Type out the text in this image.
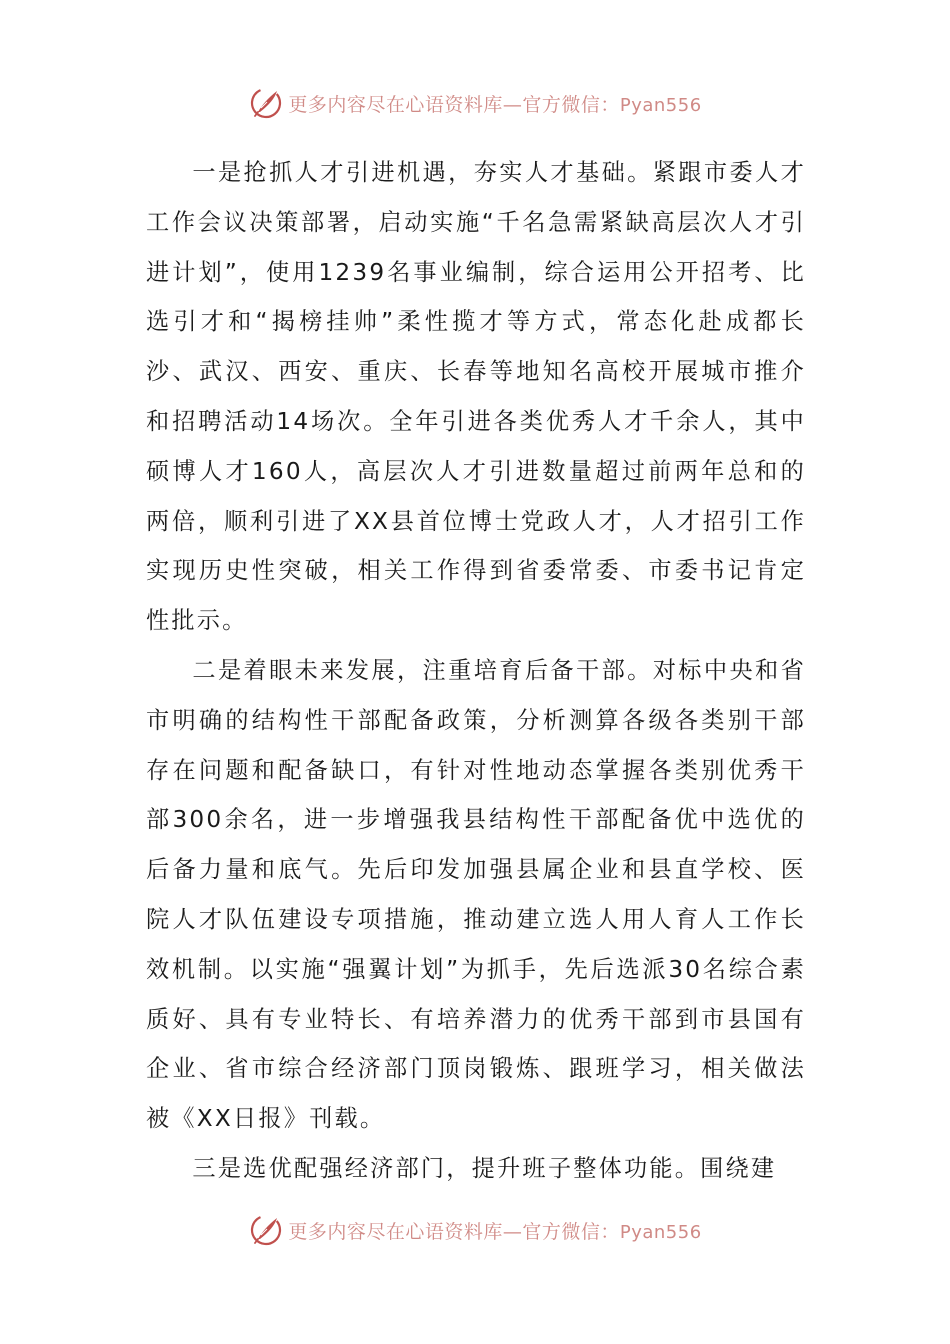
更多内容尽在心语资料库—官方微信：Pyan556

一是抢抓人才引进机遇，夯实人才基础。紧跟市委人才工作会议决策部署，启动实施“千名急需紧缺高层次人才引进计划”，使用1239名事业编制，综合运用公开招考、比选引才和“揭榜挂帅”柔性揽才等方式，常态化赴成都长沙、武汉、西安、重庆、长春等地知名高校开展城市推介和招聘活动14场次。全年引进各类优秀人才千余人，其中硕博人才160人，高层次人才引进数量超过前两年总和的两倍，顺利引进了XX县首位博士党政人才，人才招引工作实现历史性突破，相关工作得到省委常委、市委书记肯定性批示。

二是着眼未来发展，注重培育后备干部。对标中央和省市明确的结构性干部配备政策，分析测算各级各类别干部存在问题和配备缺口，有针对性地动态掌握各类别优秀干部300余名，进一步增强我县结构性干部配备优中选优的后备力量和底气。先后印发加强县属企业和县直学校、医院人才队伍建设专项措施，推动建立选人用人育人工作长效机制。以实施“强翼计划”为抓手，先后选派30名综合素质好、具有专业特长、有培养潜力的优秀干部到市县国有企业、省市综合经济部门顶岗锻炼、跟班学习，相关做法被《XX日报》刊载。

三是选优配强经济部门，提升班子整体功能。围绕建

更多内容尽在心语资料库—官方微信：Pyan556
